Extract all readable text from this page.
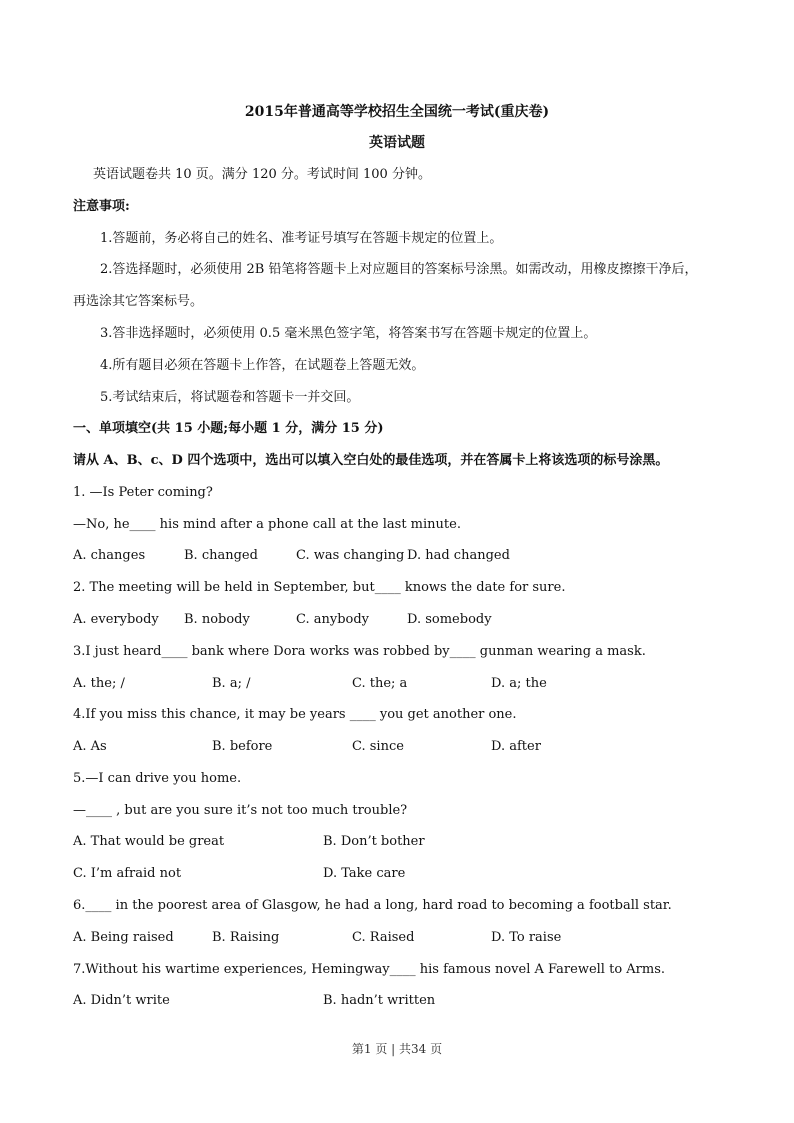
2015年普通高等学校招生全国统一考试(重庆卷)
英语试题
英语试题卷共 10 页。满分 120 分。考试时间 100 分钟。
注意事项:
1.答题前，务必将自己的姓名、准考证号填写在答题卡规定的位置上。
2.答选择题时，必须使用 2B 铅笔将答题卡上对应题目的答案标号涂黑。如需改动，用橡皮擦擦干净后，
再选涂其它答案标号。
3.答非选择题时，必须使用 0.5 毫米黑色签字笔，将答案书写在答题卡规定的位置上。
4.所有题目必须在答题卡上作答，在试题卷上答题无效。
5.考试结束后，将试题卷和答题卡一并交回。
一、单项填空(共 15 小题;每小题 1 分，满分 15 分)
请从 A、B、c、D 四个选项中，选出可以填入空白处的最佳选项，并在答属卡上将该选项的标号涂黑。
1. —Is Peter coming?
—No, he____ his mind after a phone call at the last minute.
A. changes	B. changed	C. was changing D. had changed
2. The meeting will be held in September, but____ knows the date for sure.
A. everybody B. nobody	C. anybody	D. somebody
3.I just heard____ bank where Dora works was robbed by____ gunman wearing a mask.
A. the; /	B. a; /	C. the; a	D. a; the
4.If you miss this chance, it may be years ____ you get another one.
A. As	B. before	C. since	D. after
5.—I can drive you home.
—____ , but are you sure it’s not too much trouble?
A. That would be great	B. Don’t bother
C. I’m afraid not	D. Take care
6.____ in the poorest area of Glasgow, he had a long, hard road to becoming a football star.
A. Being raised	B. Raising	C. Raised	D. To raise
7.Without his wartime experiences, Hemingway____ his famous novel A Farewell to Arms.
A. Didn’t write	B. hadn’t written
第1 页 | 共34 页
